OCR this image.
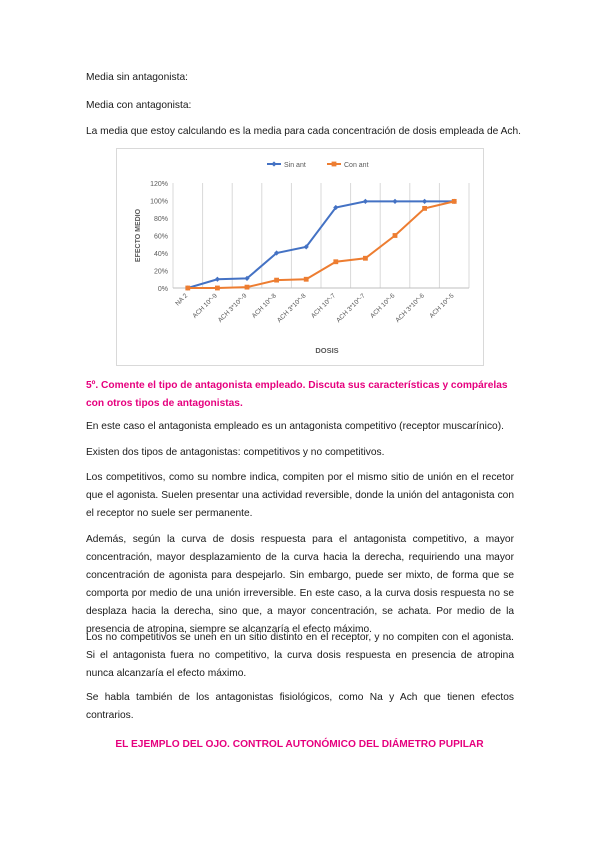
Media sin antagonista:
Media con antagonista:
La media que estoy calculando es la media para cada concentración de dosis empleada de Ach.
0%
20%
40%
60%
80%
100%
120%
NA 2 ACH 10^-9
ACH 3*10^-9 ACH 10^-8
ACH 3*10^-8 ACH 10^-7
ACH 3*10^-7 ACH 10^-6
ACH 3*10^-6 ACH 10^-5
EFECTO MEDIO
DOSIS
Sin ant	Con ant
5º. Comente el tipo de antagonista empleado. Discuta sus características y compárelas con otros tipos de antagonistas.
En este caso el antagonista empleado es un antagonista competitivo (receptor muscarínico).
Existen dos tipos de antagonistas: competitivos y no competitivos.
Los competitivos, como su nombre indica, compiten por el mismo sitio de unión en el recetor que el agonista. Suelen presentar una actividad reversible, donde la unión del antagonista con el receptor no suele ser permanente.
Además, según la curva de dosis respuesta para el antagonista competitivo, a mayor concentración, mayor desplazamiento de la curva hacia la derecha, requiriendo una mayor concentración de agonista para despejarlo. Sin embargo, puede ser mixto, de forma que se comporta por medio de una unión irreversible. En este caso, a la curva dosis respuesta no se desplaza hacia la derecha, sino que, a mayor concentración, se achata. Por medio de la presencia de atropina, siempre se alcanzaría el efecto máximo.
Los no competitivos se unen en un sitio distinto en el receptor, y no compiten con el agonista. Si el antagonista fuera no competitivo, la curva dosis respuesta en presencia de atropina nunca alcanzaría el efecto máximo.
Se habla también de los antagonistas fisiológicos, como Na y Ach que tienen efectos contrarios.
EL EJEMPLO DEL OJO. CONTROL AUTONÓMICO DEL DIÁMETRO PUPILAR
